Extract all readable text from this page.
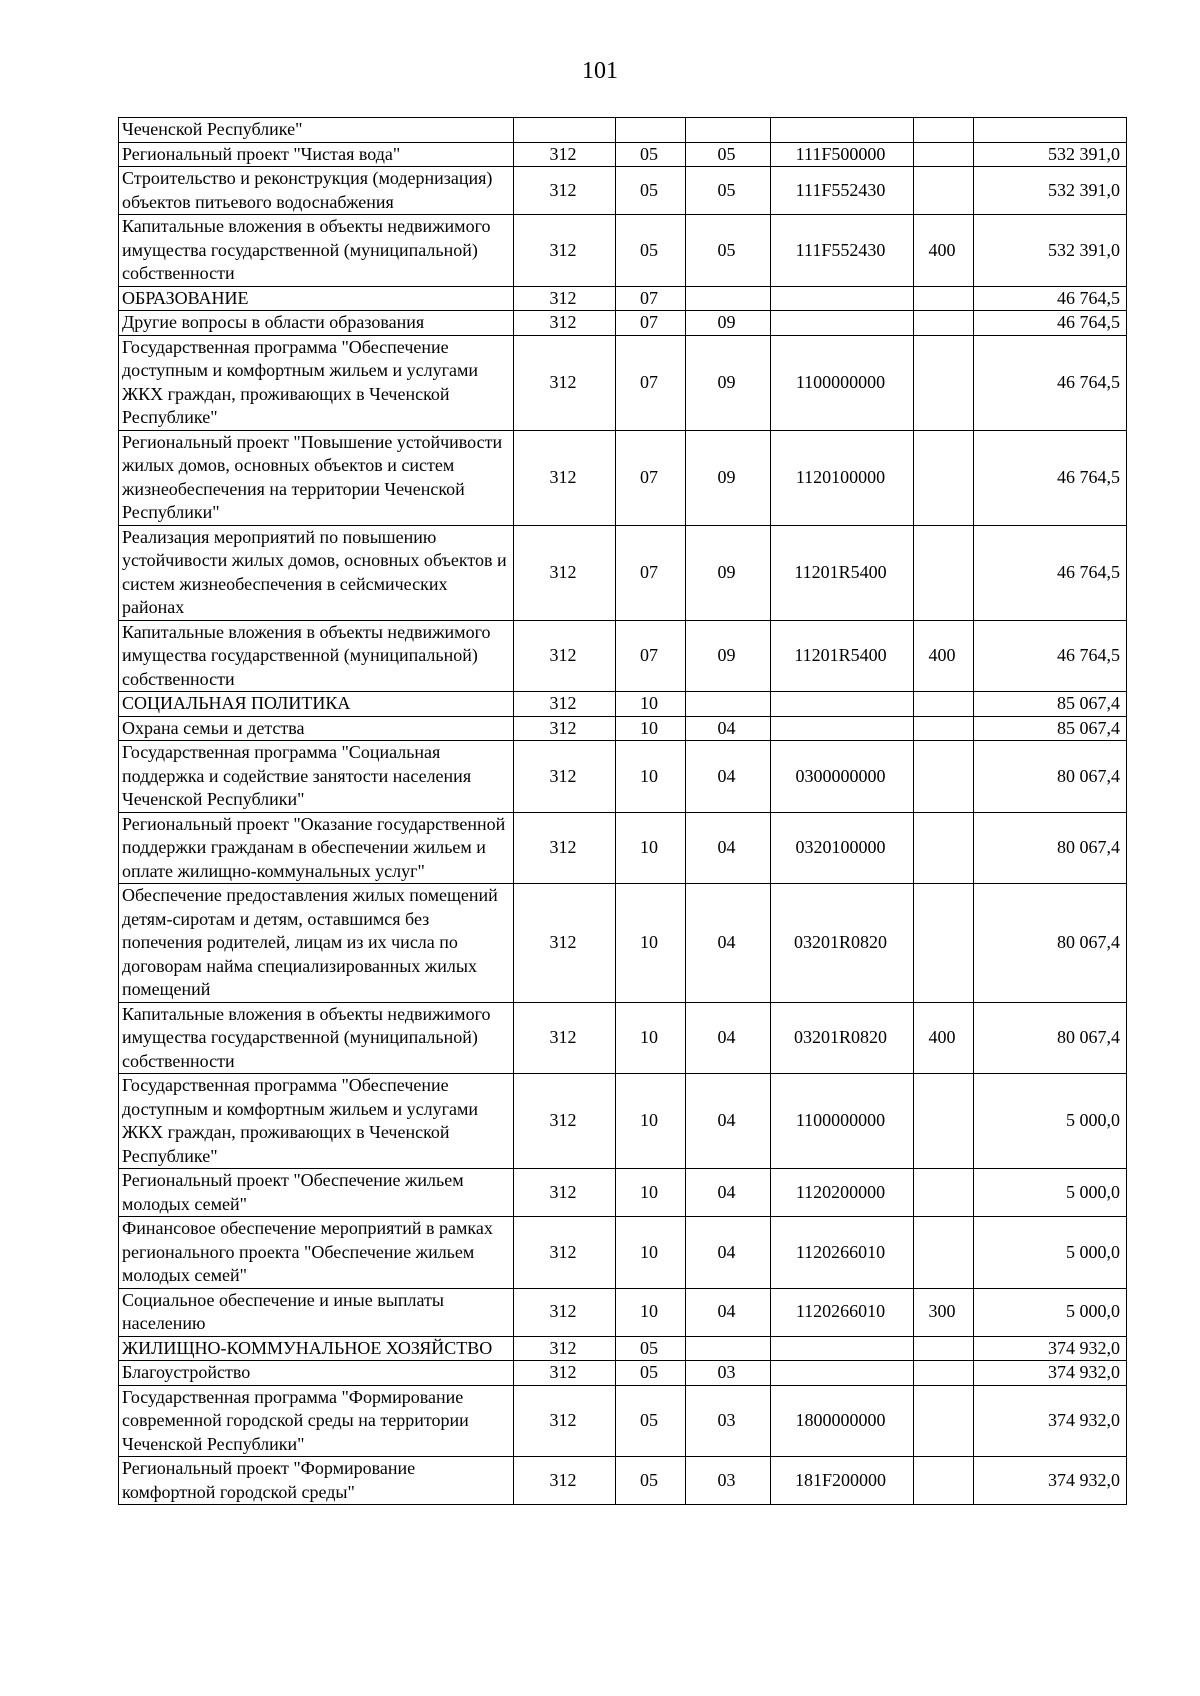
101
Чеченской Республике"						
Региональный проект "Чистая вода"	312	05	05	111F500000		532 391,0
Строительство и реконструкция (модернизация) объектов питьевого водоснабжения	312	05	05	111F552430		532 391,0
Капитальные вложения в объекты недвижимого имущества государственной (муниципальной) собственности	312	05	05	111F552430	400	532 391,0
ОБРАЗОВАНИЕ	312	07				46 764,5
Другие вопросы в области образования	312	07	09			46 764,5
Государственная программа "Обеспечение доступным и комфортным жильем и услугами ЖКХ граждан, проживающих в Чеченской Республике"	312	07	09	1100000000		46 764,5
Региональный проект "Повышение устойчивости жилых домов, основных объектов и систем жизнеобеспечения на территории Чеченской Республики"	312	07	09	1120100000		46 764,5
Реализация мероприятий по повышению устойчивости жилых домов, основных объектов и систем жизнеобеспечения в сейсмических районах	312	07	09	11201R5400		46 764,5
Капитальные вложения в объекты недвижимого имущества государственной (муниципальной) собственности	312	07	09	11201R5400	400	46 764,5
СОЦИАЛЬНАЯ ПОЛИТИКА	312	10				85 067,4
Охрана семьи и детства	312	10	04			85 067,4
Государственная программа "Социальная поддержка и содействие занятости населения Чеченской Республики"	312	10	04	0300000000		80 067,4
Региональный проект "Оказание государственной поддержки гражданам в обеспечении жильем и оплате жилищно-коммунальных услуг"	312	10	04	0320100000		80 067,4
Обеспечение предоставления жилых помещений детям-сиротам и детям, оставшимся без попечения родителей, лицам из их числа по договорам найма специализированных жилых помещений	312	10	04	03201R0820		80 067,4
Капитальные вложения в объекты недвижимого имущества государственной (муниципальной) собственности	312	10	04	03201R0820	400	80 067,4
Государственная программа "Обеспечение доступным и комфортным жильем и услугами ЖКХ граждан, проживающих в Чеченской Республике"	312	10	04	1100000000		5 000,0
Региональный проект "Обеспечение жильем молодых семей"	312	10	04	1120200000		5 000,0
Финансовое обеспечение мероприятий в рамках регионального проекта "Обеспечение жильем молодых семей"	312	10	04	1120266010		5 000,0
Социальное обеспечение и иные выплаты населению	312	10	04	1120266010	300	5 000,0
ЖИЛИЩНО-КОММУНАЛЬНОЕ ХОЗЯЙСТВО	312	05				374 932,0
Благоустройство	312	05	03			374 932,0
Государственная программа "Формирование современной городской среды на территории Чеченской Республики"	312	05	03	1800000000		374 932,0
Региональный проект "Формирование комфортной городской среды"	312	05	03	181F200000		374 932,0
